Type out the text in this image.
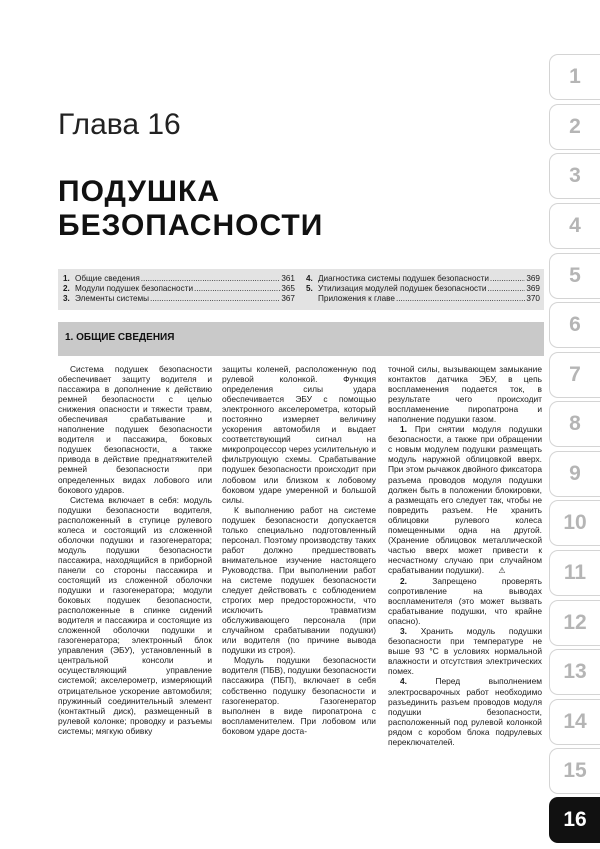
Глава 16
ПОДУШКА
БЕЗОПАСНОСТИ
1. Общие сведения .....	361
2. Модули подушек безопасности .....	365
3. Элементы системы .....	367
4. Диагностика системы подушек безопасности .....	369
5. Утилизация модулей подушек безопасности .....	369
Приложения к главе .....	370
1. ОБЩИЕ СВЕДЕНИЯ

Система подушек безопасности обеспечивает защиту водителя и пассажира в дополнение к действию ремней безопасности с целью снижения опасности и тяжести травм, обеспечивая срабатывание и наполнение подушек безопасности водителя и пассажира, боковых подушек безопасности, а также привода в действие преднатяжителей ремней безопасности при определенных видах лобового или бокового ударов.

Система включает в себя: модуль подушки безопасности водителя, расположенный в ступице рулевого колеса и состоящий из сложенной оболочки подушки и газогенератора; модуль подушки безопасности пассажира, находящийся в приборной панели со стороны пассажира и состоящий из сложенной оболочки подушки и газогенератора; модули боковых подушек безопасности, расположенные в спинке сидений водителя и пассажира и состоящие из сложенной оболочки подушки и газогенератора; электронный блок управления (ЭБУ), установленный в центральной консоли и осуществляющий управление системой; акселерометр, измеряющий отрицательное ускорение автомобиля; пружинный соединительный элемент (контактный диск), размещенный в рулевой колонке; проводку и разъемы системы; мягкую обивку

защиты коленей, расположенную под рулевой колонкой. Функция определения силы удара обеспечивается ЭБУ с помощью электронного акселерометра, который постоянно измеряет величину ускорения автомобиля и выдает соответствующий сигнал на микропроцессор через усилительную и фильтрующую схемы. Срабатывание подушек безопасности происходит при лобовом или близком к лобовому боковом ударе умеренной и большой силы.

К выполнению работ на системе подушек безопасности допускается только специально подготовленный персонал. Поэтому производству таких работ должно предшествовать внимательное изучение настоящего Руководства. При выполнении работ на системе подушек безопасности следует действовать с соблюдением строгих мер предосторожности, что исключить травматизм обслуживающего персонала (при случайном срабатывании подушки) или водителя (по причине вывода подушки из строя).

Модуль подушки безопасности водителя (ПБВ), подушки безопасности пассажира (ПБП), включает в себя собственно подушку безопасности и газогенератор. Газогенератор выполнен в виде пиропатрона с воспламенителем. При лобовом или боковом ударе доста-

точной силы, вызывающем замыкание контактов датчика ЭБУ, в цепь воспламенения подается ток, в результате чего происходит воспламенение пиропатрона и наполнение подушки газом.

1. При снятии модуля подушки безопасности, а также при обращении с новым модулем подушки размещать модуль наружной облицовкой вверх. При этом рычажок двойного фиксатора разъема проводов модуля подушки должен быть в положении блокировки, а размещать его следует так, чтобы не повредить разъем. Не хранить облицовки рулевого колеса помещенными одна на другой. (Хранение облицовок металлической частью вверх может привести к несчастному случаю при случайном срабатывании подушки). ⚠

2.	Запрещено проверять сопротивление на выводах воспламенителя (это может вызвать срабатывание подушки, что крайне опасно).

3. Хранить модуль подушки безопасности при температуре не выше 93 °С в условиях нормальной влажности и отсутствия электрических помех.

4.	Перед выполнением электросварочных работ необходимо разъединить разъем проводов модуля подушки безопасности, расположенный под рулевой колонкой рядом с коробом блока подрулевых переключателей.

1
2
3
4
5
6
7
8
9
10
11
12
13
14
15
16
